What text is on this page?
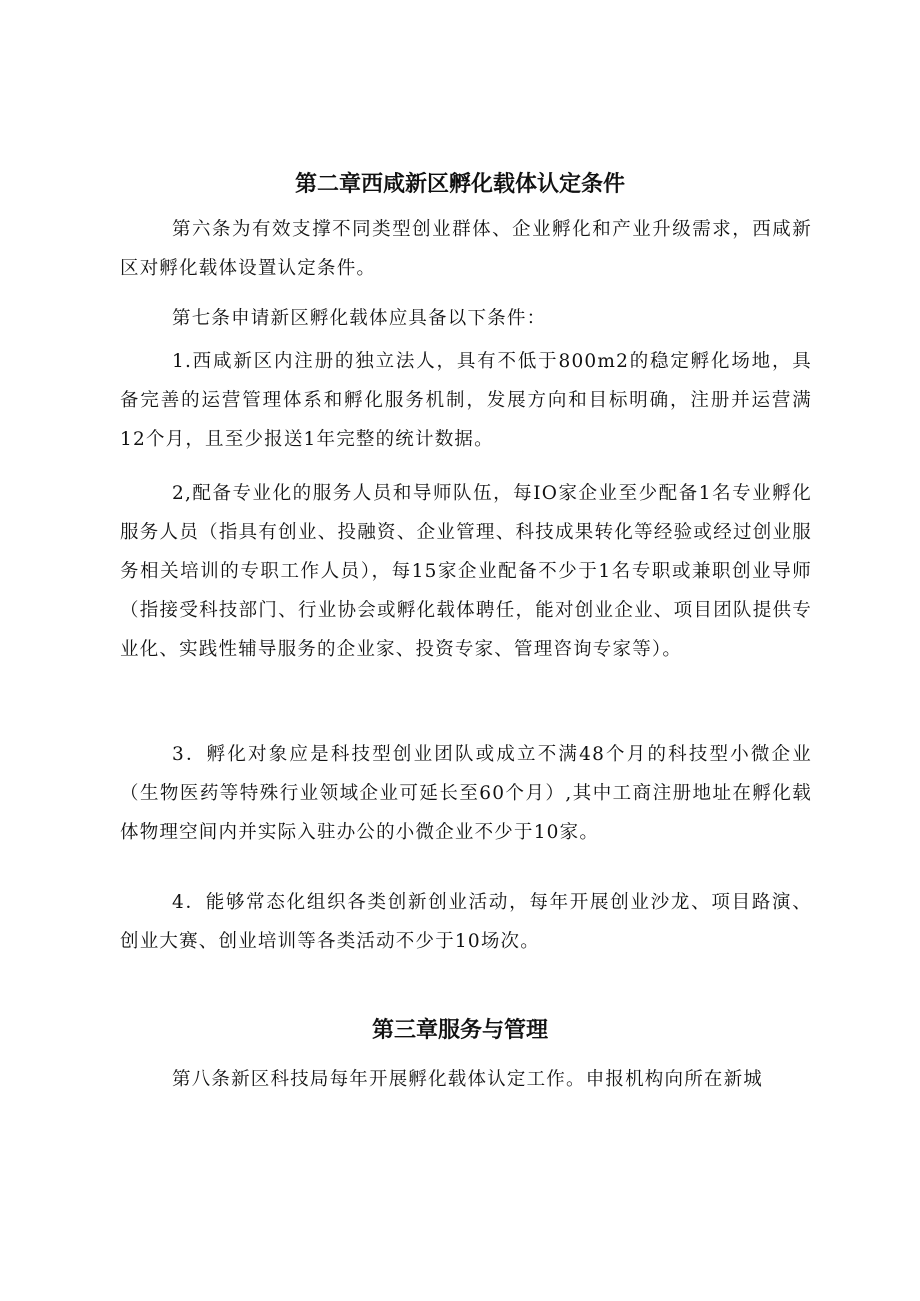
第二章西咸新区孵化载体认定条件

第六条为有效支撑不同类型创业群体、企业孵化和产业升级需求，西咸新区对孵化载体设置认定条件。

第七条申请新区孵化载体应具备以下条件：

1.西咸新区内注册的独立法人，具有不低于800m2的稳定孵化场地，具备完善的运营管理体系和孵化服务机制，发展方向和目标明确，注册并运营满12个月，且至少报送1年完整的统计数据。

2,配备专业化的服务人员和导师队伍，每IO家企业至少配备1名专业孵化服务人员（指具有创业、投融资、企业管理、科技成果转化等经验或经过创业服务相关培训的专职工作人员），每15家企业配备不少于1名专职或兼职创业导师（指接受科技部门、行业协会或孵化载体聘任，能对创业企业、项目团队提供专业化、实践性辅导服务的企业家、投资专家、管理咨询专家等）。

3．孵化对象应是科技型创业团队或成立不满48个月的科技型小微企业（生物医药等特殊行业领域企业可延长至60个月）,其中工商注册地址在孵化载体物理空间内并实际入驻办公的小微企业不少于10家。

4．能够常态化组织各类创新创业活动，每年开展创业沙龙、项目路演、创业大赛、创业培训等各类活动不少于10场次。

第三章服务与管理

第八条新区科技局每年开展孵化载体认定工作。申报机构向所在新城
